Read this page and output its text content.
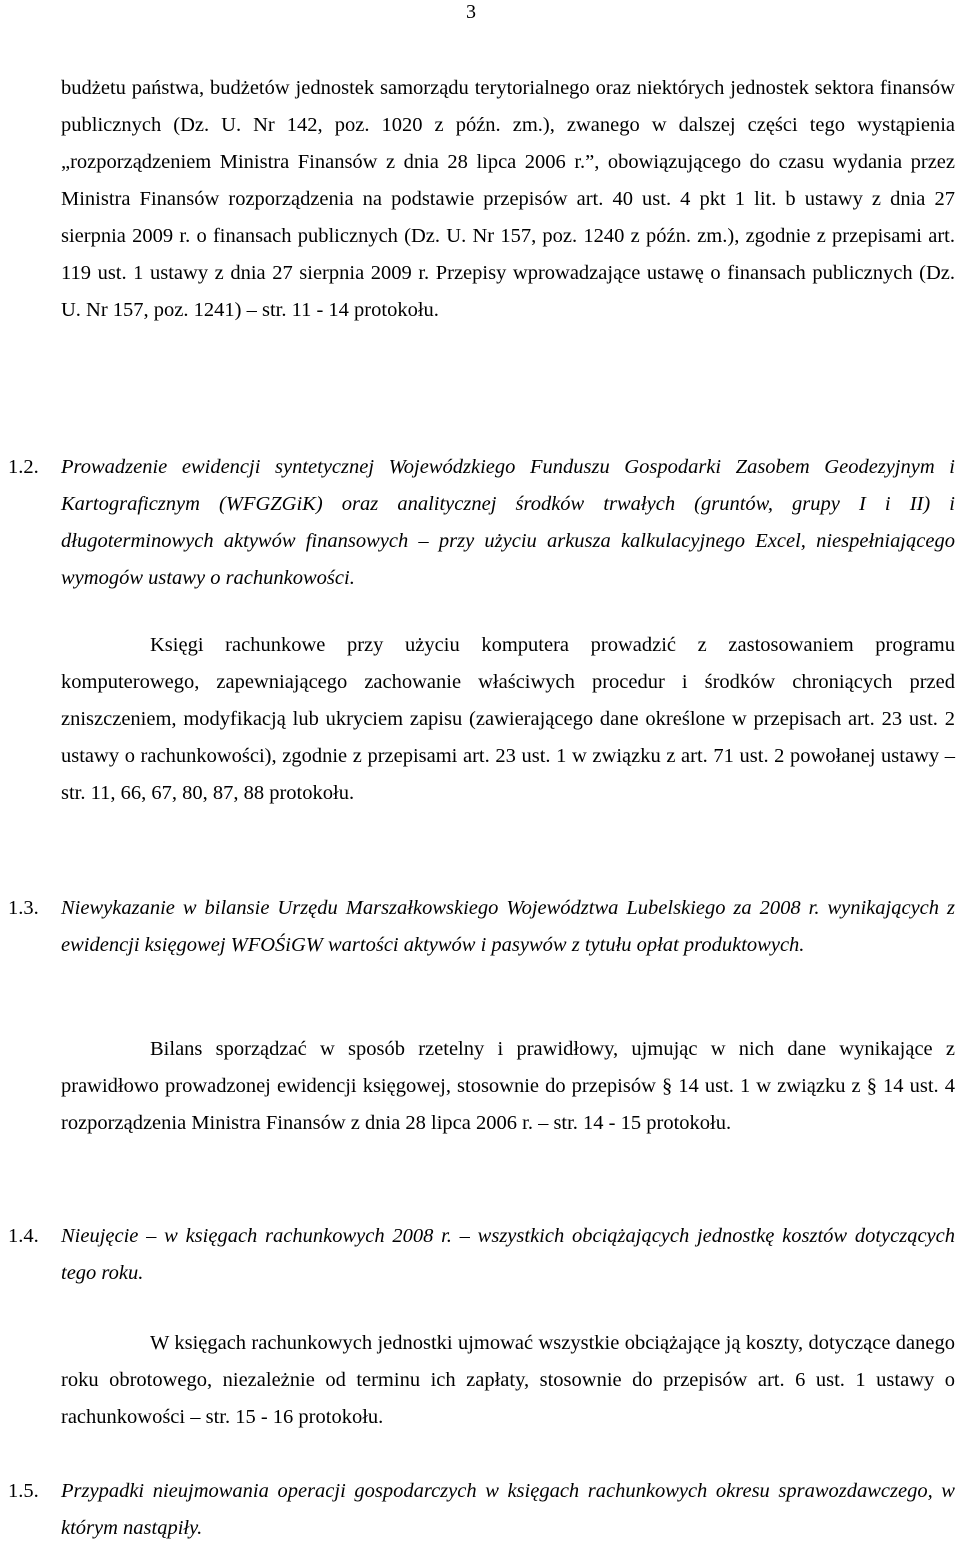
3
budżetu państwa, budżetów jednostek samorządu terytorialnego oraz niektórych jednostek sektora finansów publicznych (Dz. U. Nr 142, poz. 1020 z późn. zm.), zwanego w dalszej części tego wystąpienia „rozporządzeniem Ministra Finansów z dnia 28 lipca 2006 r.”, obowiązującego do czasu wydania przez Ministra Finansów rozporządzenia na podstawie przepisów art. 40 ust. 4 pkt 1 lit. b ustawy z dnia 27 sierpnia 2009 r. o finansach publicznych (Dz. U. Nr 157, poz. 1240 z późn. zm.), zgodnie z przepisami art. 119 ust. 1 ustawy z dnia 27 sierpnia 2009 r. Przepisy wprowadzające ustawę o finansach publicznych (Dz. U. Nr 157, poz. 1241) – str. 11 - 14 protokołu.
1.2. Prowadzenie ewidencji syntetycznej Wojewódzkiego Funduszu Gospodarki Zasobem Geodezyjnym i Kartograficznym (WFGZGiK) oraz analitycznej środków trwałych (gruntów, grupy I i II) i długoterminowych aktywów finansowych – przy użyciu arkusza kalkulacyjnego Excel, niespełniającego wymogów ustawy o rachunkowości.
Księgi rachunkowe przy użyciu komputera prowadzić z zastosowaniem programu komputerowego, zapewniającego zachowanie właściwych procedur i środków chroniących przed zniszczeniem, modyfikacją lub ukryciem zapisu (zawierającego dane określone w przepisach art. 23 ust. 2 ustawy o rachunkowości), zgodnie z przepisami art. 23 ust. 1 w związku z art. 71 ust. 2 powołanej ustawy – str. 11, 66, 67, 80, 87, 88 protokołu.
1.3. Niewykazanie w bilansie Urzędu Marszałkowskiego Województwa Lubelskiego za 2008 r. wynikających z ewidencji księgowej WFOŚiGW wartości aktywów i pasywów z tytułu opłat produktowych.
Bilans sporządzać w sposób rzetelny i prawidłowy, ujmując w nich dane wynikające z prawidłowo prowadzonej ewidencji księgowej, stosownie do przepisów § 14 ust. 1 w związku z § 14 ust. 4 rozporządzenia Ministra Finansów z dnia 28 lipca 2006 r. – str. 14 - 15 protokołu.
1.4. Nieujęcie – w księgach rachunkowych 2008 r. – wszystkich obciążających jednostkę kosztów dotyczących tego roku.
W księgach rachunkowych jednostki ujmować wszystkie obciążające ją koszty, dotyczące danego roku obrotowego, niezależnie od terminu ich zapłaty, stosownie do przepisów art. 6 ust. 1 ustawy o rachunkowości – str. 15 - 16 protokołu.
1.5. Przypadki nieujmowania operacji gospodarczych w księgach rachunkowych okresu sprawozdawczego, w którym nastąpiły.
